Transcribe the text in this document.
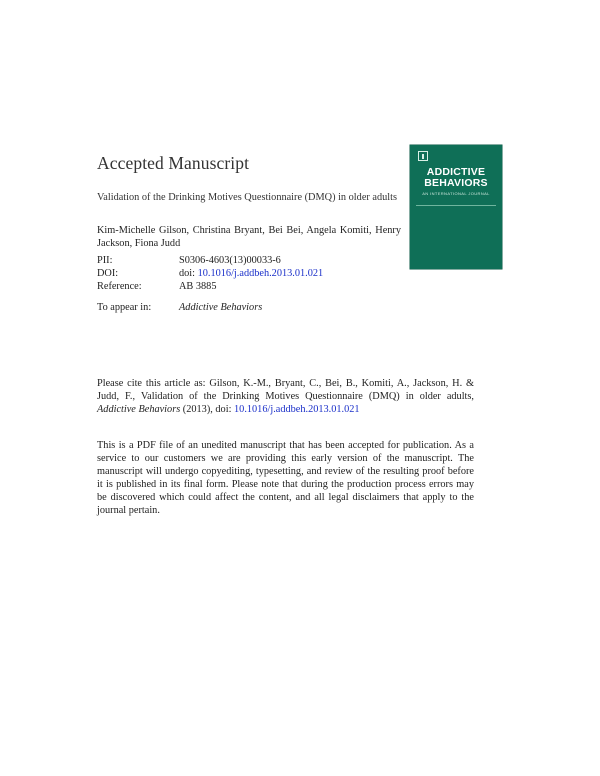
Accepted Manuscript
Validation of the Drinking Motives Questionnaire (DMQ) in older adults
Kim-Michelle Gilson, Christina Bryant, Bei Bei, Angela Komiti, Henry Jackson, Fiona Judd
PII:	S0306-4603(13)00033-6
DOI:	doi: 10.1016/j.addbeh.2013.01.021
Reference:	AB 3885
To appear in:	Addictive Behaviors
ADDICTIVE
BEHAVIORS
AN INTERNATIONAL JOURNAL
Please cite this article as: Gilson, K.-M., Bryant, C., Bei, B., Komiti, A., Jackson, H. & Judd, F., Validation of the Drinking Motives Questionnaire (DMQ) in older adults, Addictive Behaviors (2013), doi: 10.1016/j.addbeh.2013.01.021
This is a PDF file of an unedited manuscript that has been accepted for publication. As a service to our customers we are providing this early version of the manuscript. The manuscript will undergo copyediting, typesetting, and review of the resulting proof before it is published in its final form. Please note that during the production process errors may be discovered which could affect the content, and all legal disclaimers that apply to the journal pertain.
